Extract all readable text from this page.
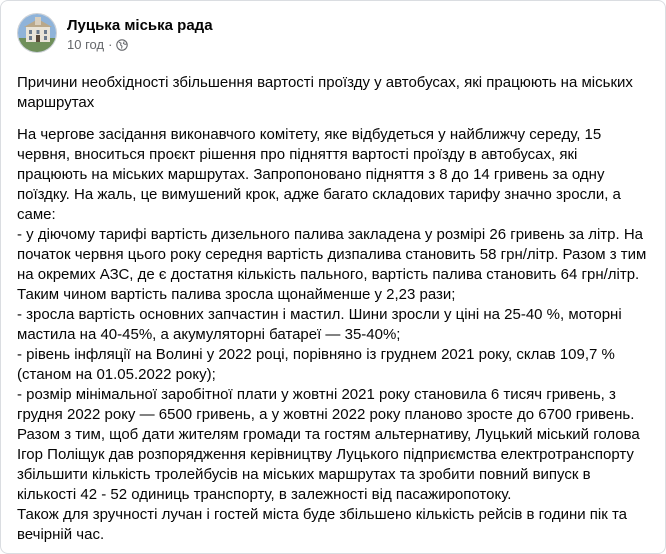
Луцька міська рада
10 год ·

Причини необхідності збільшення вартості проїзду у автобусах, які працюють на міських маршрутах

На чергове засідання виконавчого комітету, яке відбудеться у найближчу середу, 15 червня, вноситься проєкт рішення про підняття вартості проїзду в автобусах, які працюють на міських маршрутах. Запропоновано підняття з 8 до 14 гривень за одну поїздку. На жаль, це вимушений крок, адже багато складових тарифу значно зросли, а саме:

- у діючому тарифі вартість дизельного палива закладена у розмірі 26 гривень за літр. На початок червня цього року середня вартість дизпалива становить 58 грн/літр. Разом з тим на окремих АЗС, де є достатня кількість пального, вартість палива становить 64 грн/літр. Таким чином вартість палива зросла щонайменше у 2,23 рази;

- зросла вартість основних запчастин і мастил. Шини зросли у ціні на 25-40 %, моторні мастила на 40-45%, а акумуляторні батареї — 35-40%;

- рівень інфляції на Волині у 2022 році, порівняно із груднем 2021 року, склав 109,7 % (станом на 01.05.2022 року);

- розмір мінімальної заробітної плати у жовтні 2021 року становила 6 тисяч гривень, з грудня 2022 року — 6500 гривень, а у жовтні 2022 року планово зросте до 6700 гривень.

Разом з тим, щоб дати жителям громади та гостям альтернативу, Луцький міський голова Ігор Поліщук дав розпорядження керівництву Луцького підприємства електротранспорту збільшити кількість тролейбусів на міських маршрутах та зробити повний випуск в кількості 42 - 52 одиниць транспорту, в залежності від пасажиропотоку.

Також для зручності лучан і гостей міста буде збільшено кількість рейсів в години пік та вечірній час.
